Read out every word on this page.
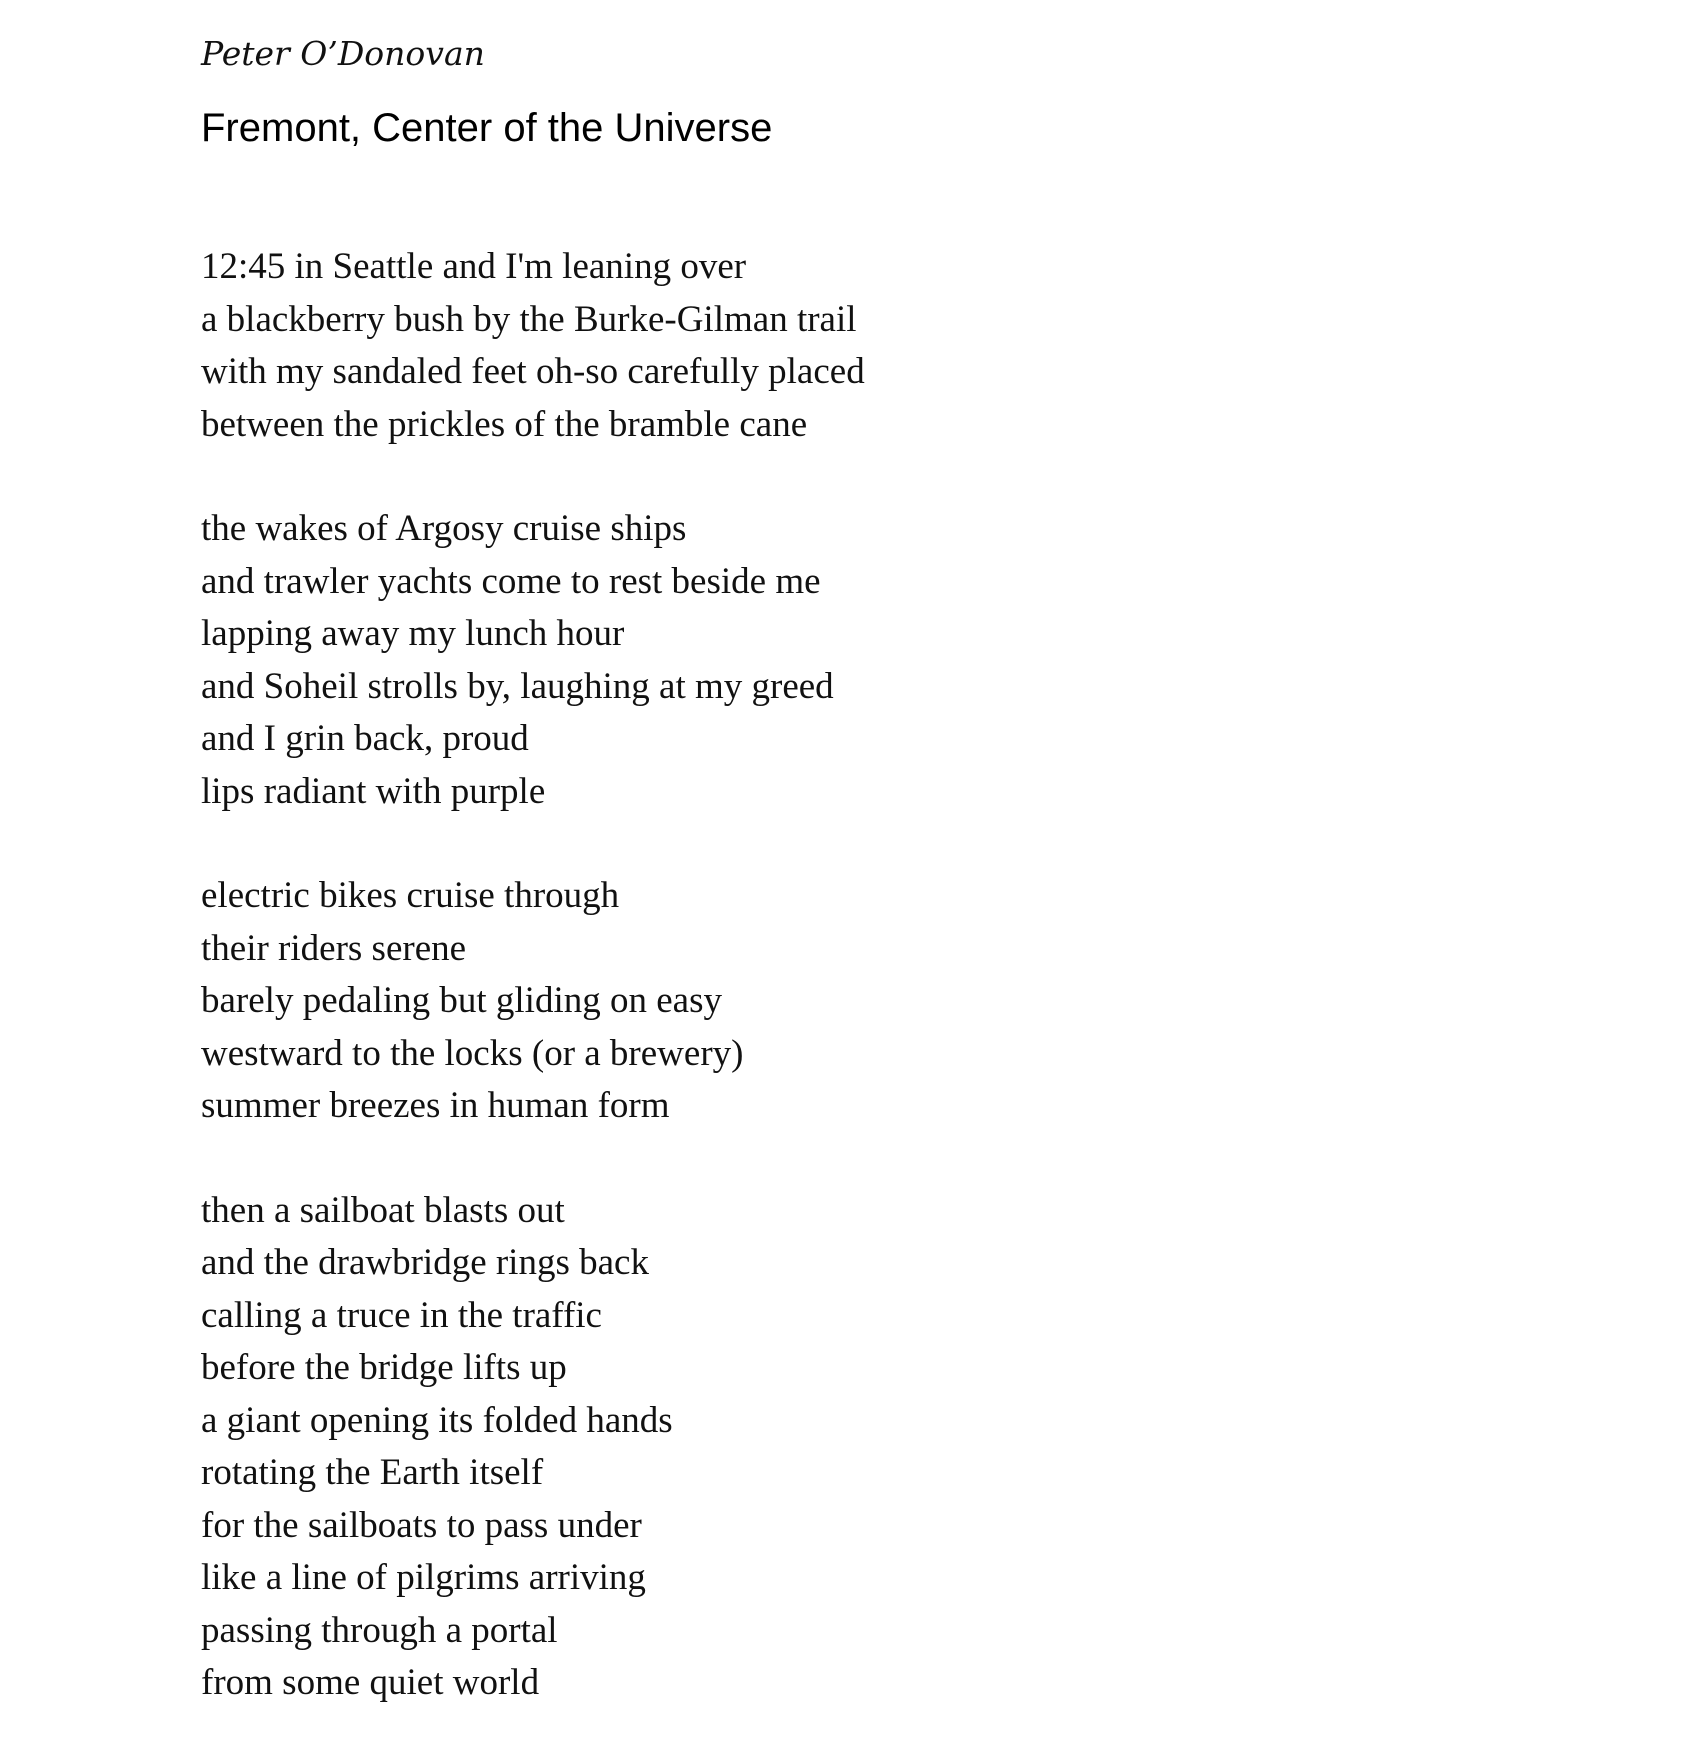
Peter O’Donovan

Fremont, Center of the Universe
12:45 in Seattle and I'm leaning over
a blackberry bush by the Burke-Gilman trail
with my sandaled feet oh-so carefully placed
between the prickles of the bramble cane
the wakes of Argosy cruise ships
and trawler yachts come to rest beside me
lapping away my lunch hour
and Soheil strolls by, laughing at my greed
and I grin back, proud
lips radiant with purple
electric bikes cruise through
their riders serene
barely pedaling but gliding on easy
westward to the locks (or a brewery)
summer breezes in human form
then a sailboat blasts out
and the drawbridge rings back
calling a truce in the traffic
before the bridge lifts up
a giant opening its folded hands
rotating the Earth itself
for the sailboats to pass under
like a line of pilgrims arriving
passing through a portal
from some quiet world
